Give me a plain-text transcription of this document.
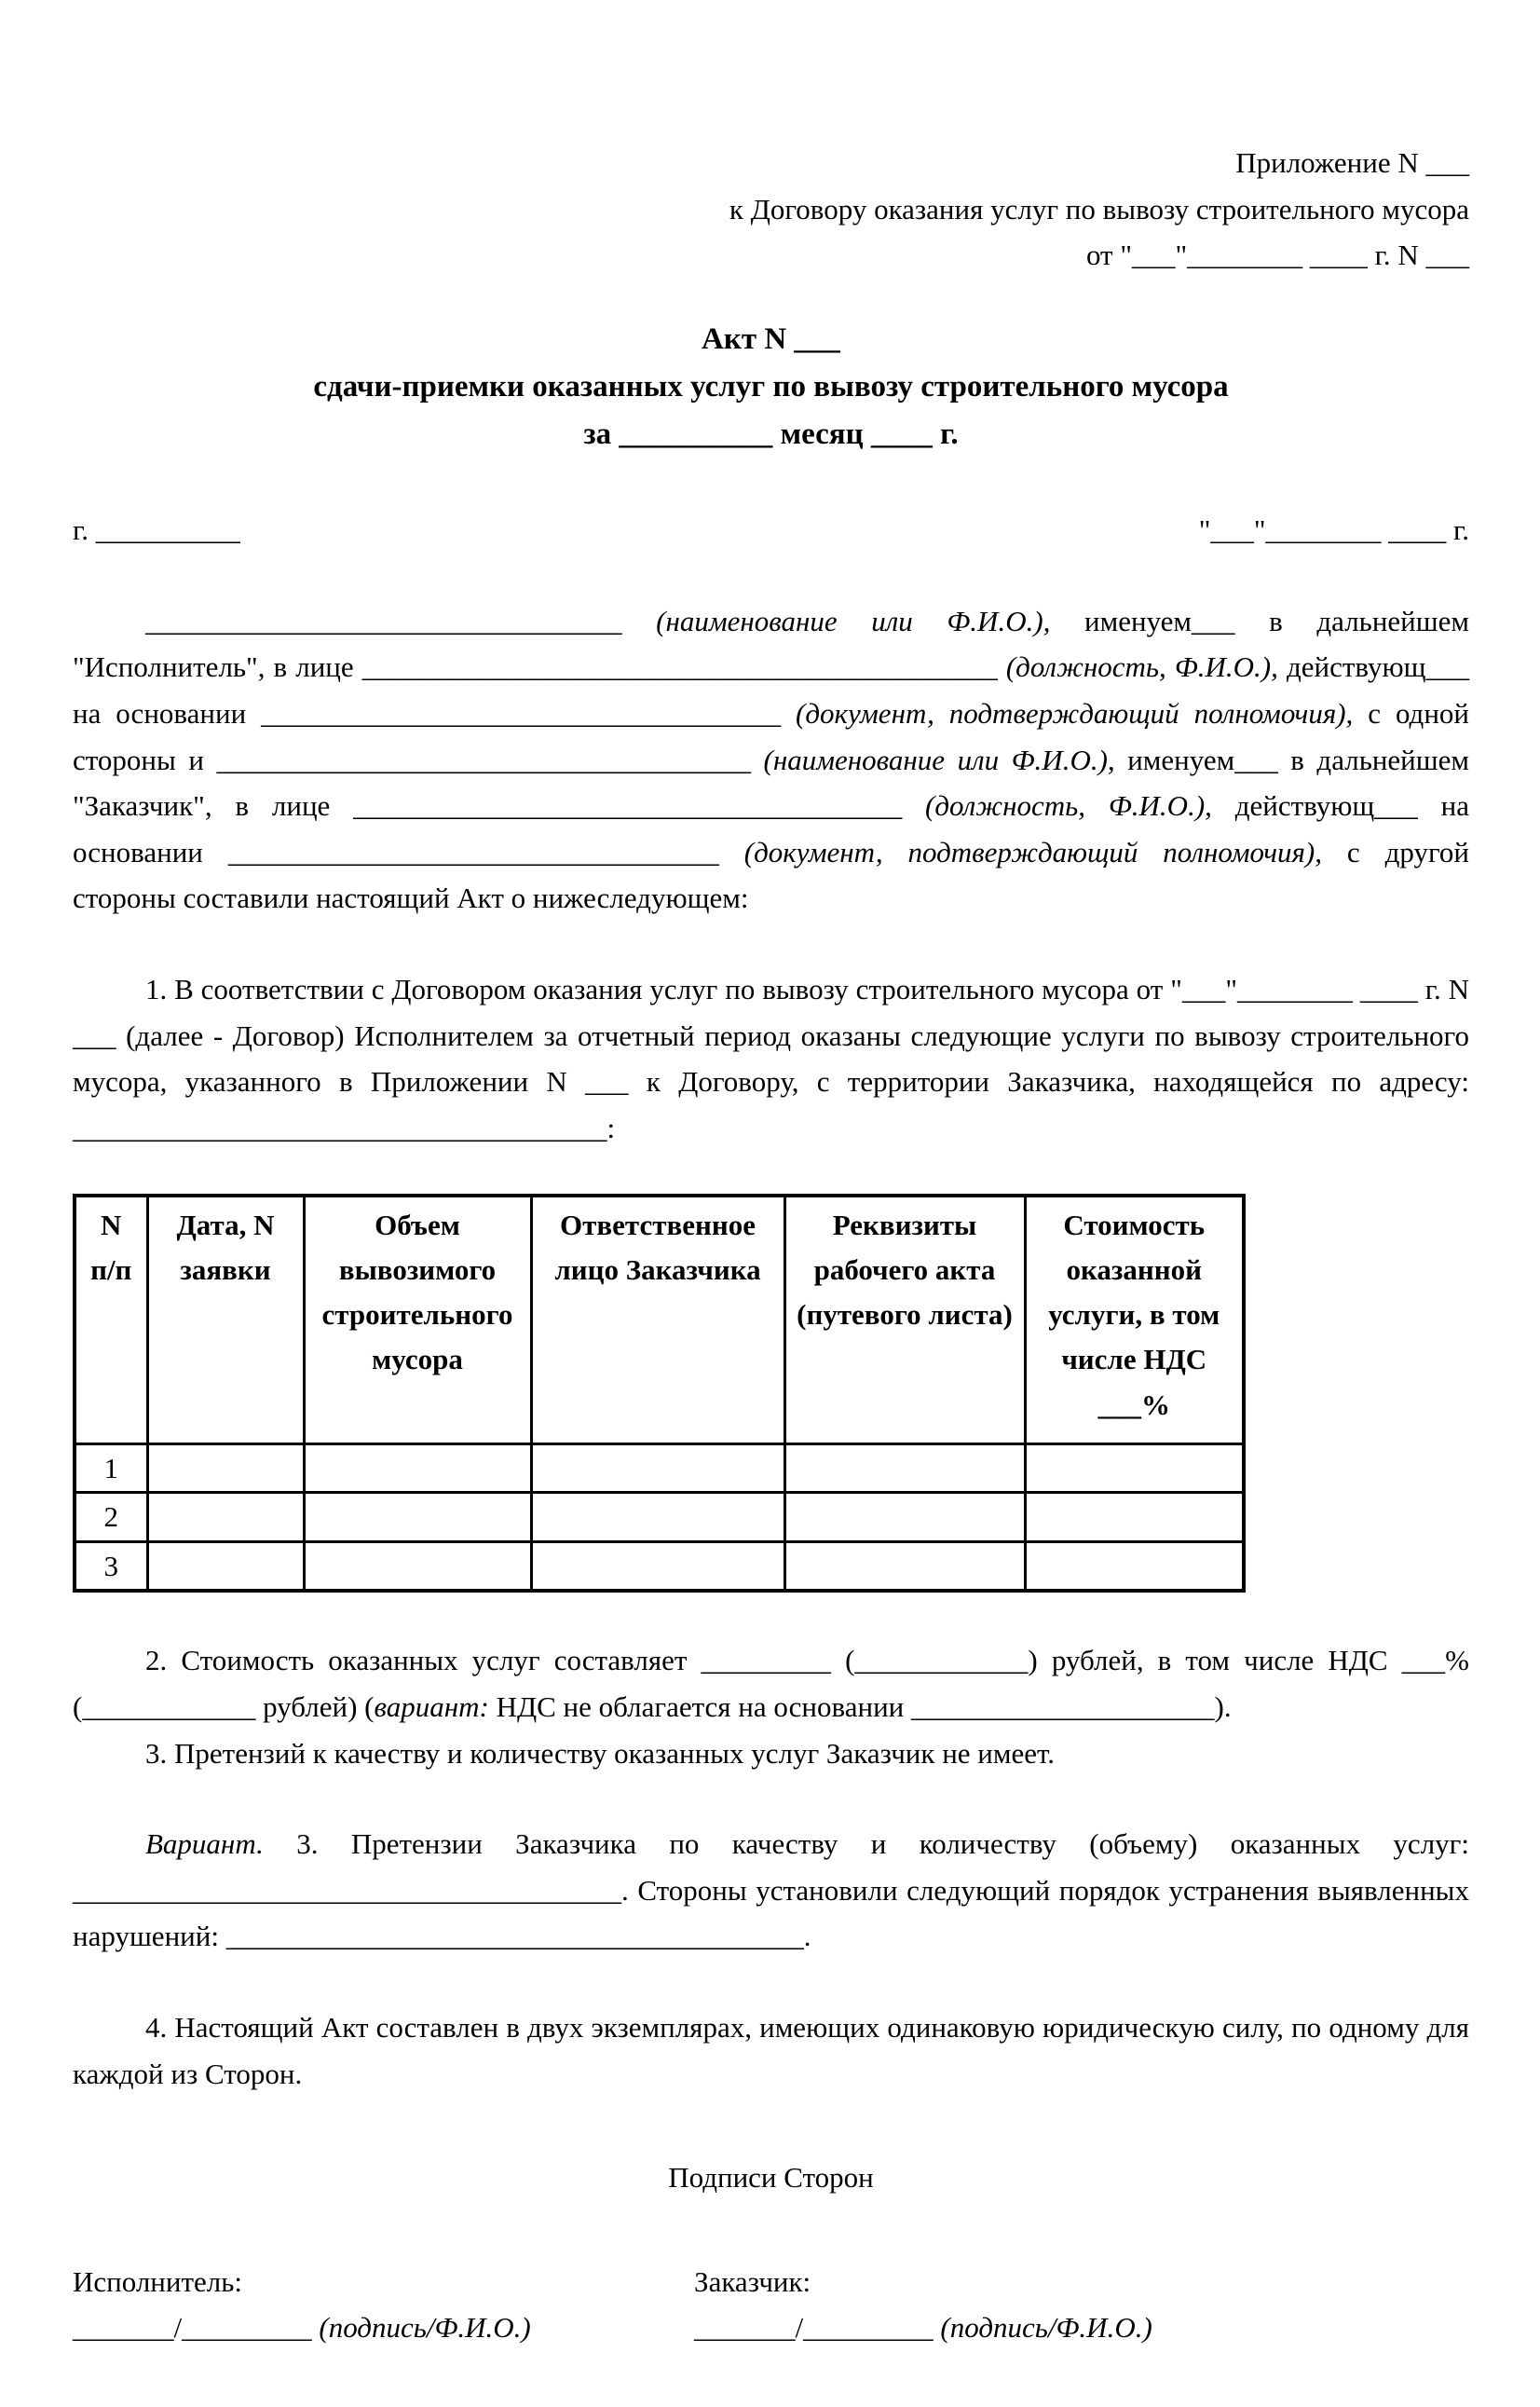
Приложение N ___
к Договору оказания услуг по вывозу строительного мусора
от "___"________ ____ г. N ___
Акт N ___
сдачи-приемки оказанных услуг по вывозу строительного мусора
за __________ месяц ____ г.
г. __________	"___"________ ____ г.

_________________________________ (наименование или Ф.И.О.), именуем___ в дальнейшем "Исполнитель", в лице ____________________________________________ (должность, Ф.И.О.), действующ___ на основании ____________________________________ (документ, подтверждающий полномочия), с одной стороны и _____________________________________ (наименование или Ф.И.О.), именуем___ в дальнейшем "Заказчик", в лице ______________________________________ (должность, Ф.И.О.), действующ___ на основании __________________________________ (документ, подтверждающий полномочия), с другой стороны составили настоящий Акт о нижеследующем:

1. В соответствии с Договором оказания услуг по вывозу строительного мусора от "___"________ ____ г. N ___ (далее - Договор) Исполнителем за отчетный период оказаны следующие услуги по вывозу строительного мусора, указанного в Приложении N ___ к Договору, с территории Заказчика, находящейся по адресу: _____________________________________:

N п/п	Дата, N заявки	Объем вывозимого строительного мусора	Ответственное лицо Заказчика	Реквизиты рабочего акта (путевого листа)	Стоимость оказанной услуги, в том числе НДС ___%
1					
2					
3					

2. Стоимость оказанных услуг составляет _________ (____________) рублей, в том числе НДС ___% (____________ рублей) (вариант: НДС не облагается на основании _____________________).

3. Претензий к качеству и количеству оказанных услуг Заказчик не имеет.

Вариант. 3. Претензии Заказчика по качеству и количеству (объему) оказанных услуг: ______________________________________. Стороны установили следующий порядок устранения выявленных нарушений: ________________________________________.

4. Настоящий Акт составлен в двух экземплярах, имеющих одинаковую юридическую силу, по одному для каждой из Сторон.

Подписи Сторон
Исполнитель:
_______/_________ (подпись/Ф.И.О.)
Заказчик:
_______/_________ (подпись/Ф.И.О.)
